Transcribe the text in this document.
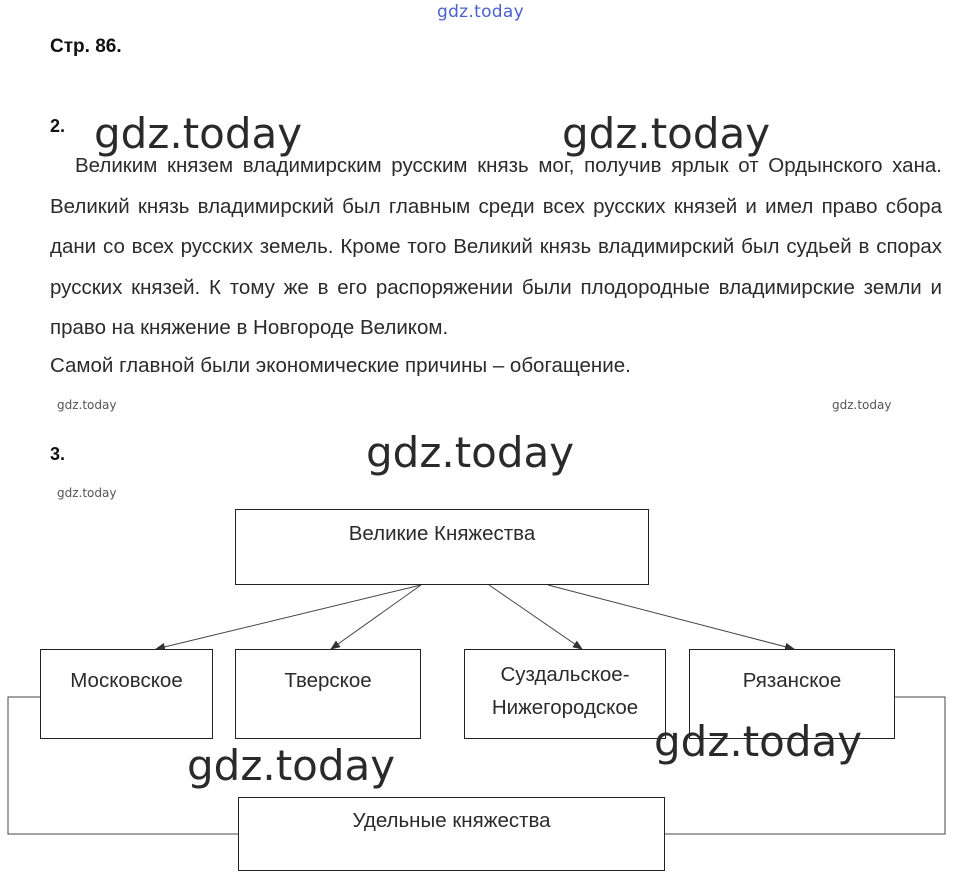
gdz.today
Стр. 86.
2. gdz.today	gdz.today

Великим князем владимирским русским князь мог, получив ярлык от Ордынского хана. Великий князь владимирский был главным среди всех русских князей и имел право сбора дани со всех русских земель. Кроме того Великий князь владимирский был судьей в спорах русских князей. К тому же в его распоряжении были плодородные владимирские земли и право на княжение в Новгороде Великом.

Самой главной были экономические причины – обогащение.
gdz.today	gdz.today
3.	gdz.today
gdz.today
Великие Княжества
Московское	Тверское	Суздальское-
Нижегородское
Рязанское
Удельные княжества
gdz.today	gdz.today
